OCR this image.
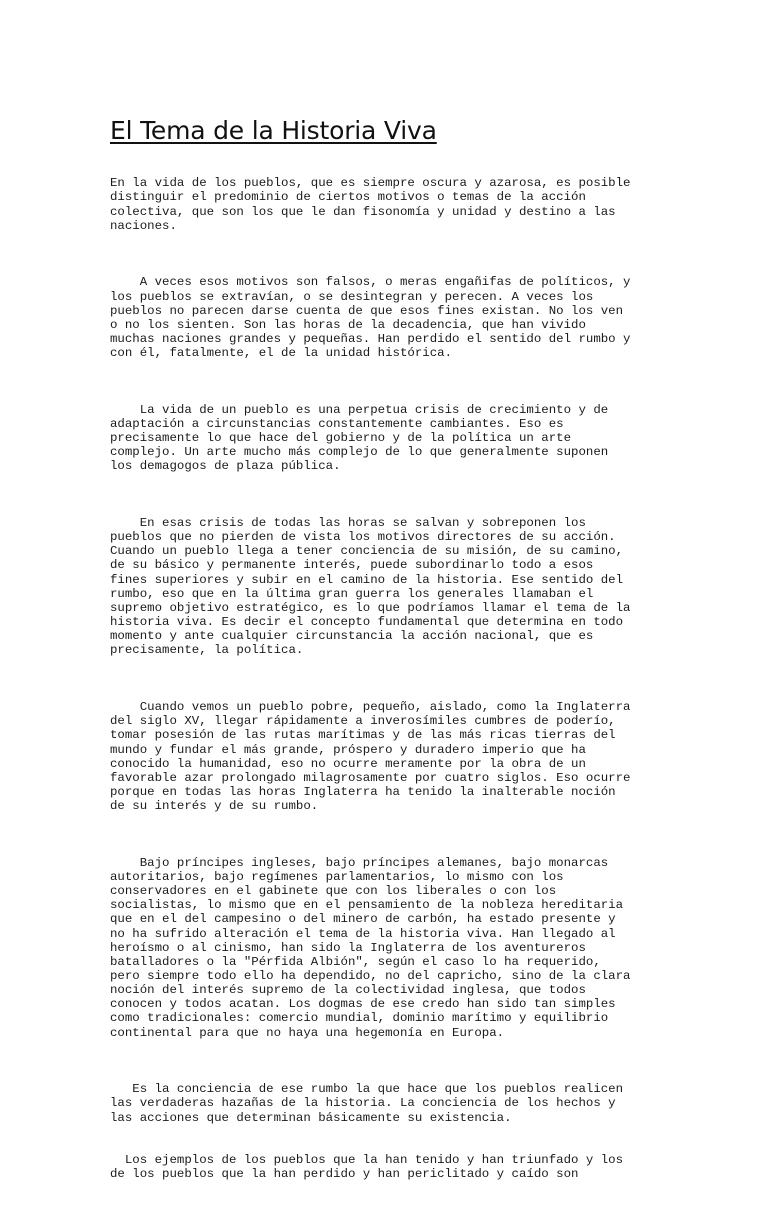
El Tema de la Historia Viva

En la vida de los pueblos, que es siempre oscura y azarosa, es posible
distinguir el predominio de ciertos motivos o temas de la acción
colectiva, que son los que le dan fisonomía y unidad y destino a las
naciones.

A veces esos motivos son falsos, o meras engañifas de políticos, y
los pueblos se extravían, o se desintegran y perecen. A veces los
pueblos no parecen darse cuenta de que esos fines existan. No los ven
o no los sienten. Son las horas de la decadencia, que han vivido
muchas naciones grandes y pequeñas. Han perdido el sentido del rumbo y
con él, fatalmente, el de la unidad histórica.

La vida de un pueblo es una perpetua crisis de crecimiento y de
adaptación a circunstancias constantemente cambiantes. Eso es
precisamente lo que hace del gobierno y de la política un arte
complejo. Un arte mucho más complejo de lo que generalmente suponen
los demagogos de plaza pública.

En esas crisis de todas las horas se salvan y sobreponen los
pueblos que no pierden de vista los motivos directores de su acción.
Cuando un pueblo llega a tener conciencia de su misión, de su camino,
de su básico y permanente interés, puede subordinarlo todo a esos
fines superiores y subir en el camino de la historia. Ese sentido del
rumbo, eso que en la última gran guerra los generales llamaban el
supremo objetivo estratégico, es lo que podríamos llamar el tema de la
historia viva. Es decir el concepto fundamental que determina en todo
momento y ante cualquier circunstancia la acción nacional, que es
precisamente, la política.

Cuando vemos un pueblo pobre, pequeño, aislado, como la Inglaterra
del siglo XV, llegar rápidamente a inverosímiles cumbres de poderío,
tomar posesión de las rutas marítimas y de las más ricas tierras del
mundo y fundar el más grande, próspero y duradero imperio que ha
conocido la humanidad, eso no ocurre meramente por la obra de un
favorable azar prolongado milagrosamente por cuatro siglos. Eso ocurre
porque en todas las horas Inglaterra ha tenido la inalterable noción
de su interés y de su rumbo.

Bajo príncipes ingleses, bajo príncipes alemanes, bajo monarcas
autoritarios, bajo regímenes parlamentarios, lo mismo con los
conservadores en el gabinete que con los liberales o con los
socialistas, lo mismo que en el pensamiento de la nobleza hereditaria
que en el del campesino o del minero de carbón, ha estado presente y
no ha sufrido alteración el tema de la historia viva. Han llegado al
heroísmo o al cinismo, han sido la Inglaterra de los aventureros
batalladores o la "Pérfida Albión", según el caso lo ha requerido,
pero siempre todo ello ha dependido, no del capricho, sino de la clara
noción del interés supremo de la colectividad inglesa, que todos
conocen y todos acatan. Los dogmas de ese credo han sido tan simples
como tradicionales: comercio mundial, dominio marítimo y equilibrio
continental para que no haya una hegemonía en Europa.

Es la conciencia de ese rumbo la que hace que los pueblos realicen
las verdaderas hazañas de la historia. La conciencia de los hechos y
las acciones que determinan básicamente su existencia.

Los ejemplos de los pueblos que la han tenido y han triunfado y los
de los pueblos que la han perdido y han periclitado y caído son
